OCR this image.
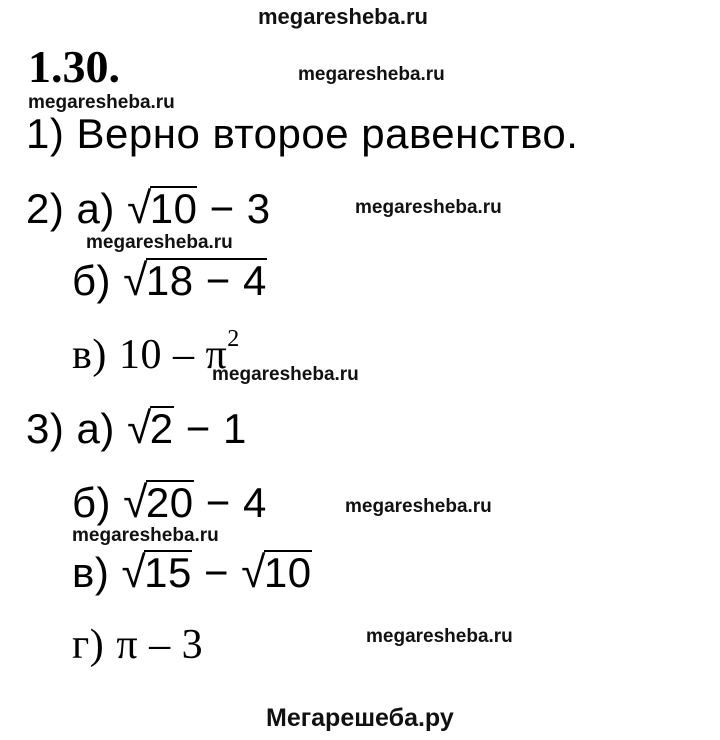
megaresheba.ru
megaresheba.ru
megaresheba.ru
megaresheba.ru
megaresheba.ru
megaresheba.ru
megaresheba.ru
megaresheba.ru
megaresheba.ru
1.30.
1) Верно второе равенство.
2) а) √10 − 3
б) √18 − 4
в) $10 - \pi^2$
3) а) √2 − 1
б) √20 − 4
в) √15 − √10
г) π – 3
Мегарешеба.ру
